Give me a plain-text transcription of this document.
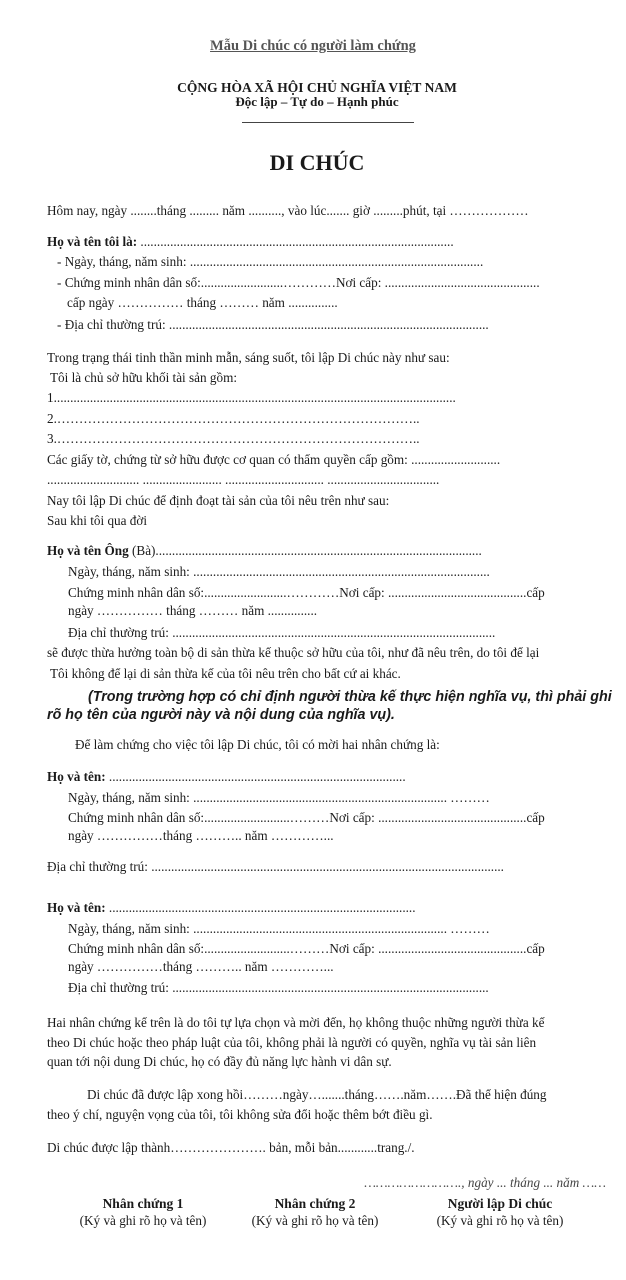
Mẫu Di chúc có người làm chứng
CỘNG HÒA XÃ HỘI CHỦ NGHĨA VIỆT NAM
Độc lập – Tự do – Hạnh phúc
DI CHÚC
Hôm nay, ngày ........tháng ......... năm .........., vào lúc....... giờ .........phút, tại ………………
Họ và tên tôi là: ...............................................................................................
- Ngày, tháng, năm sinh: .........................................................................................
- Chứng minh nhân dân số:.........................…………Nơi cấp: ...............................................
cấp ngày …………… tháng ……… năm ...............
- Địa chỉ thường trú: .................................................................................................
Trong trạng thái tinh thần minh mẫn, sáng suốt, tôi lập Di chúc này như sau:
Tôi là chủ sở hữu khối tài sản gồm:
1..........................................................................................................................
2.………………………………………………………………………..
3.………………………………………………………………………..
Các giấy tờ, chứng từ sở hữu được cơ quan có thẩm quyền cấp gồm: ...........................
............................ ........................ .............................. ..................................
Nay tôi lập Di chúc để định đoạt tài sản của tôi nêu trên như sau:
Sau khi tôi qua đời
Họ và tên Ông (Bà)...................................................................................................
Ngày, tháng, năm sinh: ..........................................................................................
Chứng minh nhân dân số:.........................…………Nơi cấp: ..........................................cấp
ngày …………… tháng ……… năm ...............
Địa chỉ thường trú: ..................................................................................................
sẽ được thừa hưởng toàn bộ di sản thừa kế thuộc sở hữu của tôi, như đã nêu trên, do tôi để lại
Tôi không để lại di sản thừa kế của tôi nêu trên cho bất cứ ai khác.
(Trong trường hợp có chỉ định người thừa kế thực hiện nghĩa vụ, thì phải ghi
rõ họ tên của người này và nội dung của nghĩa vụ).
Để làm chứng cho việc tôi lập Di chúc, tôi có mời hai nhân chứng là:
Họ và tên: ..........................................................................................
Ngày, tháng, năm sinh: ............................................................................. ………
Chứng minh nhân dân số:..........................………Nơi cấp: .............................................cấp
ngày ……………tháng ……….. năm …………...
Địa chỉ thường trú: ...........................................................................................................
Họ và tên: .............................................................................................
Ngày, tháng, năm sinh: ............................................................................. ………
Chứng minh nhân dân số:..........................………Nơi cấp: .............................................cấp
ngày ……………tháng ……….. năm …………...
Địa chỉ thường trú: ................................................................................................
Hai nhân chứng kể trên là do tôi tự lựa chọn và mời đến, họ không thuộc những người thừa kế
theo Di chúc hoặc theo pháp luật của tôi, không phải là người có quyền, nghĩa vụ tài sản liên
quan tới nội dung Di chúc, họ có đầy đủ năng lực hành vi dân sự.
Di chúc đã được lập xong hồi………ngày….......tháng…….năm…….Đã thể hiện đúng
theo ý chí, nguyện vọng của tôi, tôi không sửa đổi hoặc thêm bớt điều gì.
Di chúc được lập thành…………………. bản, mỗi bản............trang./.
……………………., ngày ... tháng ... năm ……
Nhân chứng 1
(Ký và ghi rõ họ và tên)
Nhân chứng 2
(Ký và ghi rõ họ và tên)
Người lập Di chúc
(Ký và ghi rõ họ và tên)
